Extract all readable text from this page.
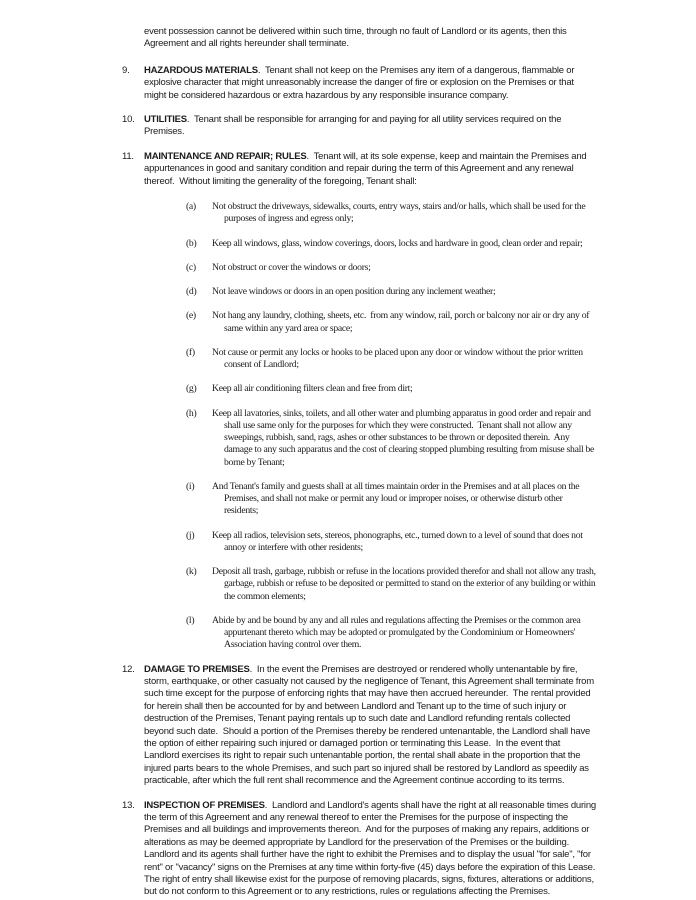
event possession cannot be delivered within such time, through no fault of Landlord or its agents, then this Agreement and all rights hereunder shall terminate.
9. HAZARDOUS MATERIALS.  Tenant shall not keep on the Premises any item of a dangerous, flammable or explosive character that might unreasonably increase the danger of fire or explosion on the Premises or that might be considered hazardous or extra hazardous by any responsible insurance company.
10. UTILITIES.  Tenant shall be responsible for arranging for and paying for all utility services required on the Premises.
11. MAINTENANCE AND REPAIR; RULES.  Tenant will, at its sole expense, keep and maintain the Premises and appurtenances in good and sanitary condition and repair during the term of this Agreement and any renewal thereof.  Without limiting the generality of the foregoing, Tenant shall:
(a) Not obstruct the driveways, sidewalks, courts, entry ways, stairs and/or halls, which shall be used for the purposes of ingress and egress only;
(b) Keep all windows, glass, window coverings, doors, locks and hardware in good, clean order and repair;
(c) Not obstruct or cover the windows or doors;
(d) Not leave windows or doors in an open position during any inclement weather;
(e) Not hang any laundry, clothing, sheets, etc.  from any window, rail, porch or balcony nor air or dry any of same within any yard area or space;
(f) Not cause or permit any locks or hooks to be placed upon any door or window without the prior written consent of Landlord;
(g) Keep all air conditioning filters clean and free from dirt;
(h) Keep all lavatories, sinks, toilets, and all other water and plumbing apparatus in good order and repair and shall use same only for the purposes for which they were constructed.  Tenant shall not allow any sweepings, rubbish, sand, rags, ashes or other substances to be thrown or deposited therein.  Any damage to any such apparatus and the cost of clearing stopped plumbing resulting from misuse shall be borne by Tenant;
(i) And Tenant's family and guests shall at all times maintain order in the Premises and at all places on the Premises, and shall not make or permit any loud or improper noises, or otherwise disturb other residents;
(j) Keep all radios, television sets, stereos, phonographs, etc., turned down to a level of sound that does not annoy or interfere with other residents;
(k) Deposit all trash, garbage, rubbish or refuse in the locations provided therefor and shall not allow any trash, garbage, rubbish or refuse to be deposited or permitted to stand on the exterior of any building or within the common elements;
(l) Abide by and be bound by any and all rules and regulations affecting the Premises or the common area appurtenant thereto which may be adopted or promulgated by the Condominium or Homeowners' Association having control over them.
12. DAMAGE TO PREMISES.  In the event the Premises are destroyed or rendered wholly untenantable by fire, storm, earthquake, or other casualty not caused by the negligence of Tenant, this Agreement shall terminate from such time except for the purpose of enforcing rights that may have then accrued hereunder.  The rental provided for herein shall then be accounted for by and between Landlord and Tenant up to the time of such injury or destruction of the Premises, Tenant paying rentals up to such date and Landlord refunding rentals collected beyond such date.  Should a portion of the Premises thereby be rendered untenantable, the Landlord shall have the option of either repairing such injured or damaged portion or terminating this Lease.  In the event that Landlord exercises its right to repair such untenantable portion, the rental shall abate in the proportion that the injured parts bears to the whole Premises, and such part so injured shall be restored by Landlord as speedily as practicable, after which the full rent shall recommence and the Agreement continue according to its terms.
13. INSPECTION OF PREMISES.  Landlord and Landlord's agents shall have the right at all reasonable times during the term of this Agreement and any renewal thereof to enter the Premises for the purpose of inspecting the Premises and all buildings and improvements thereon.  And for the purposes of making any repairs, additions or alterations as may be deemed appropriate by Landlord for the preservation of the Premises or the building.  Landlord and its agents shall further have the right to exhibit the Premises and to display the usual "for sale", "for rent" or "vacancy" signs on the Premises at any time within forty-five (45) days before the expiration of this Lease.   The right of entry shall likewise exist for the purpose of removing placards, signs, fixtures, alterations or additions, but do not conform to this Agreement or to any restrictions, rules or regulations affecting the Premises.
